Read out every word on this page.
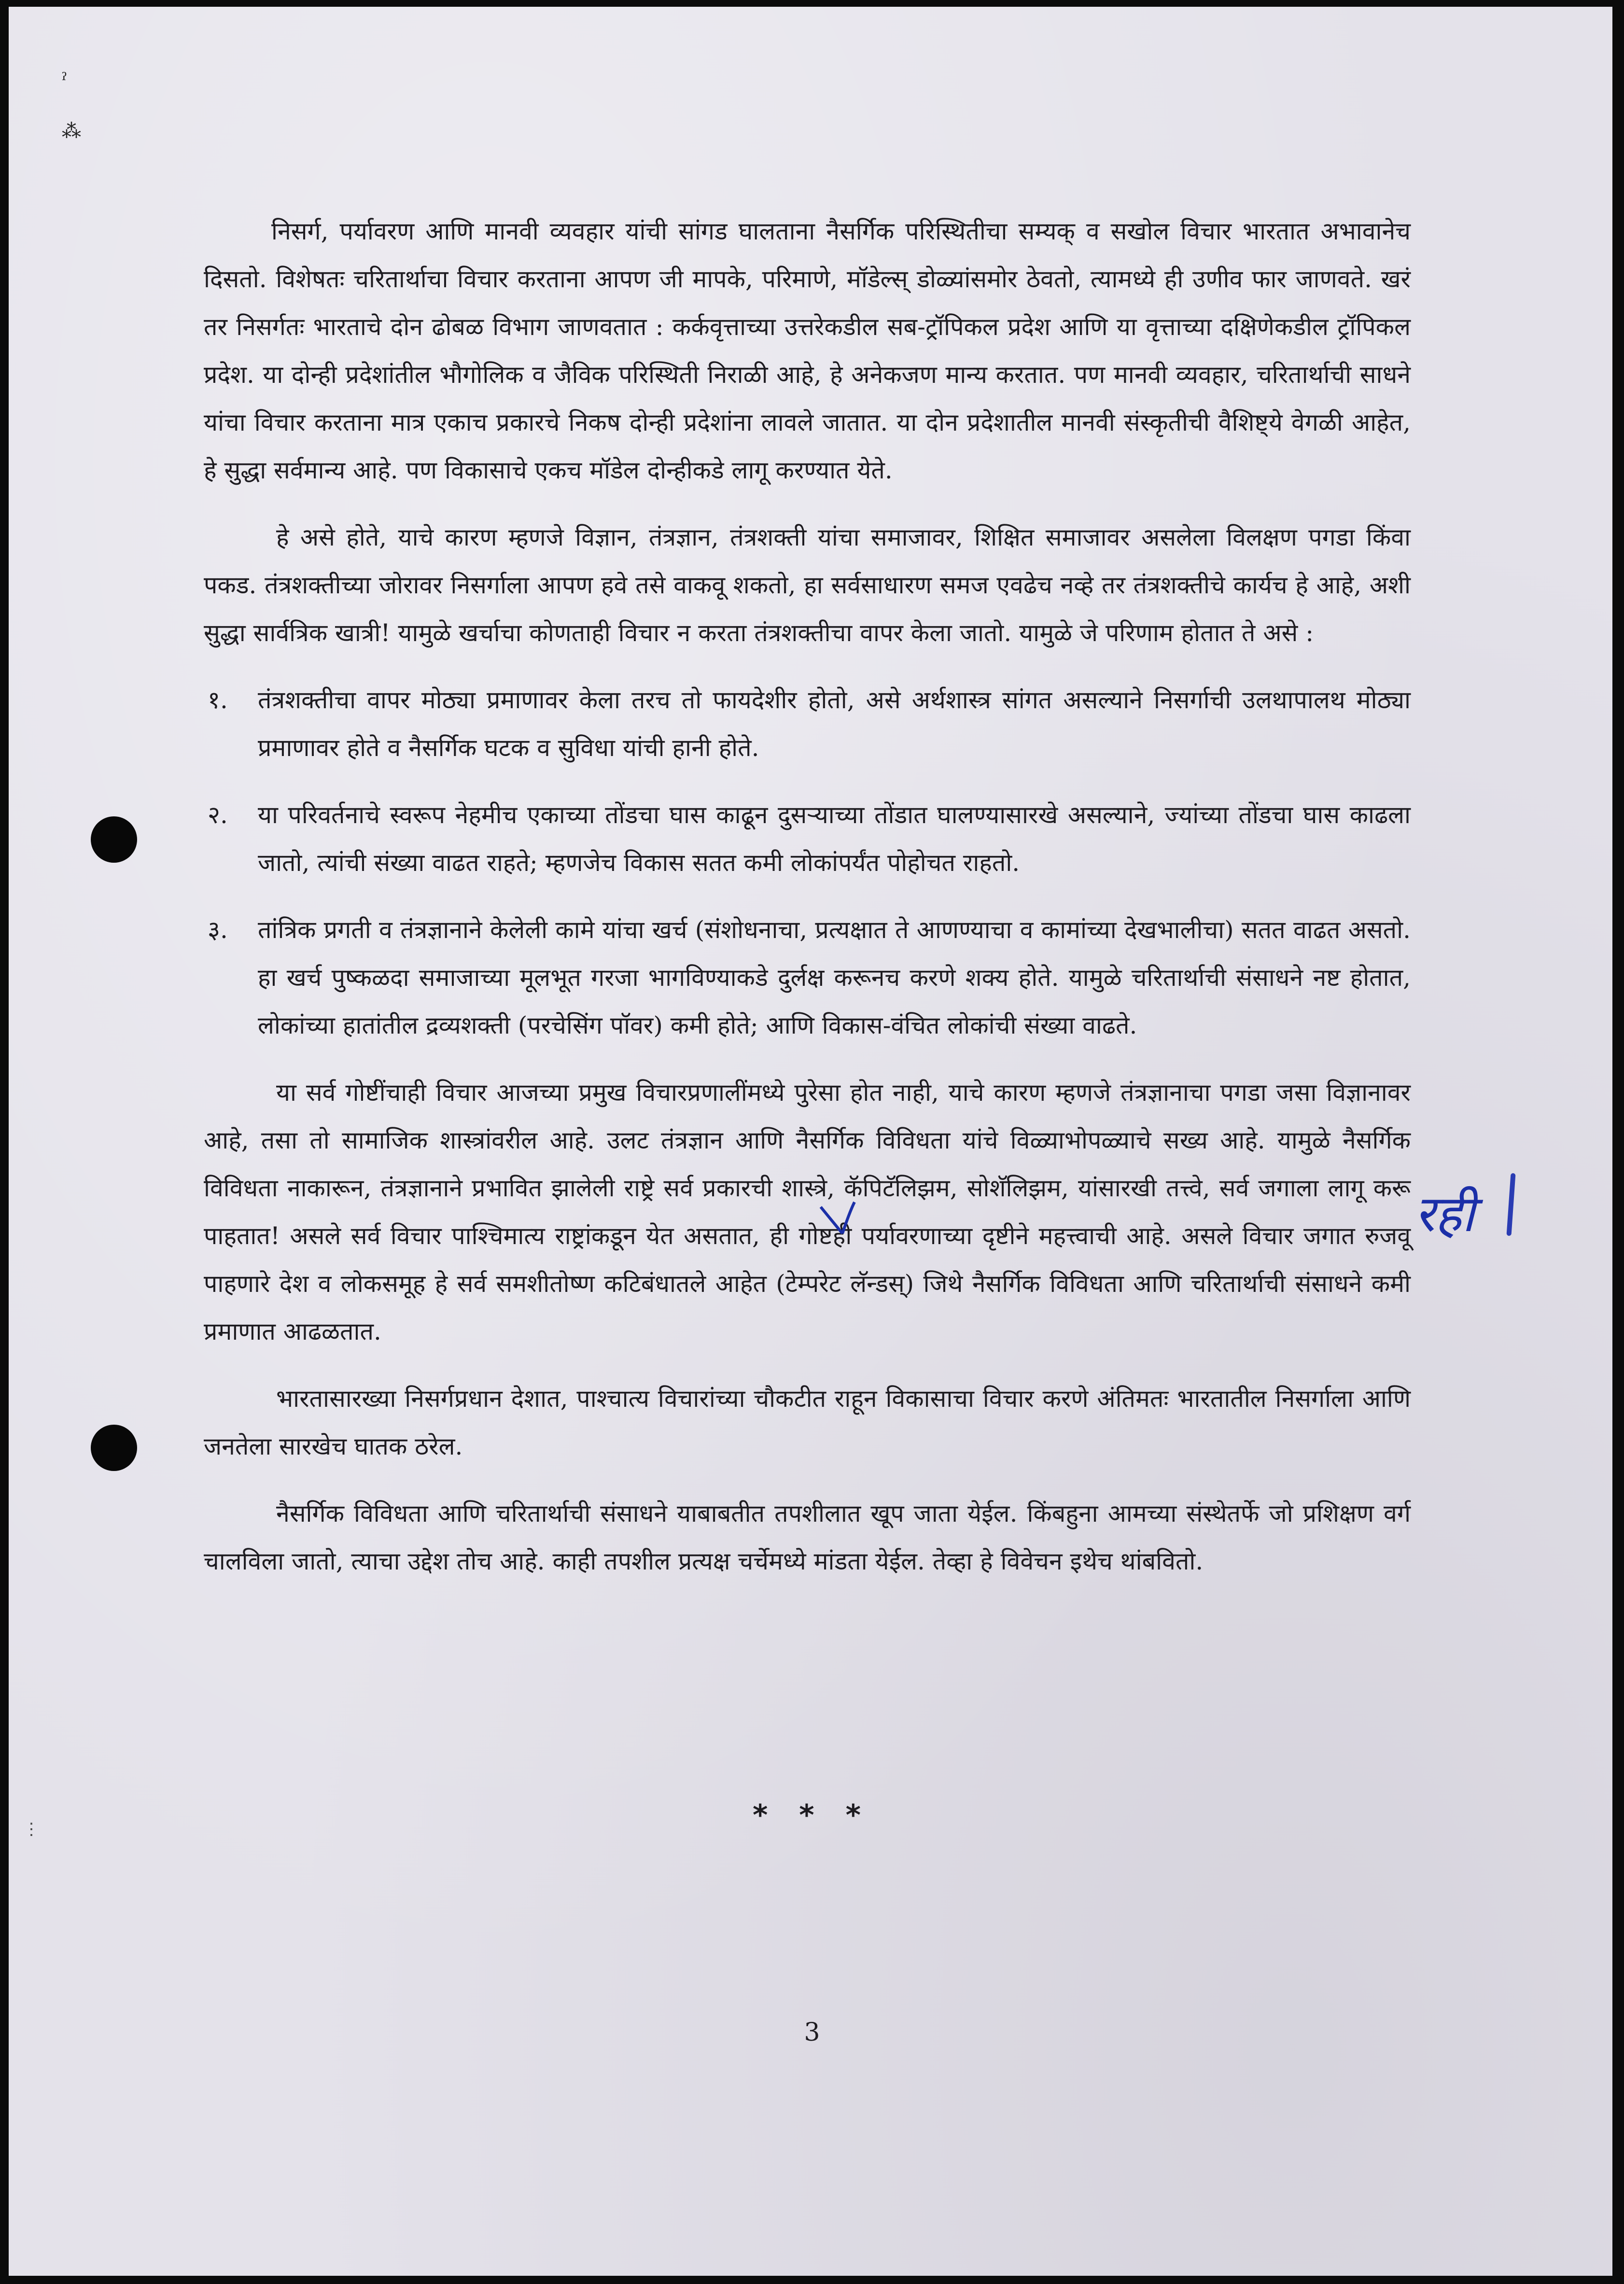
ˀ
⁂
⋮

निसर्ग, पर्यावरण आणि मानवी व्यवहार यांची सांगड घालताना नैसर्गिक परिस्थितीचा सम्यक् व सखोल विचार भारतात अभावानेच दिसतो. विशेषतः चरितार्थाचा विचार करताना आपण जी मापके, परिमाणे, मॉडेल्स् डोळ्यांसमोर ठेवतो, त्यामध्ये ही उणीव फार जाणवते. खरं तर निसर्गतः भारताचे दोन ढोबळ विभाग जाणवतात : कर्कवृत्ताच्या उत्तरेकडील सब-ट्रॉपिकल प्रदेश आणि या वृत्ताच्या दक्षिणेकडील ट्रॉपिकल प्रदेश. या दोन्ही प्रदेशांतील भौगोलिक व जैविक परिस्थिती निराळी आहे, हे अनेकजण मान्य करतात. पण मानवी व्यवहार, चरितार्थाची साधने यांचा विचार करताना मात्र एकाच प्रकारचे निकष दोन्ही प्रदेशांना लावले जातात. या दोन प्रदेशातील मानवी संस्कृतीची वैशिष्ट्ये वेगळी आहेत, हे सुद्धा सर्वमान्य आहे. पण विकासाचे एकच मॉडेल दोन्हीकडे लागू करण्यात येते.

हे असे होते, याचे कारण म्हणजे विज्ञान, तंत्रज्ञान, तंत्रशक्ती यांचा समाजावर, शिक्षित समाजावर असलेला विलक्षण पगडा किंवा पकड. तंत्रशक्तीच्या जोरावर निसर्गाला आपण हवे तसे वाकवू शकतो, हा सर्वसाधारण समज एवढेच नव्हे तर तंत्रशक्तीचे कार्यच हे आहे, अशी सुद्धा सार्वत्रिक खात्री! यामुळे खर्चाचा कोणताही विचार न करता तंत्रशक्तीचा वापर केला जातो. यामुळे जे परिणाम होतात ते असे :

१. तंत्रशक्तीचा वापर मोठ्या प्रमाणावर केला तरच तो फायदेशीर होतो, असे अर्थशास्त्र सांगत असल्याने निसर्गाची उलथापालथ मोठ्या प्रमाणावर होते व नैसर्गिक घटक व सुविधा यांची हानी होते.
२. या परिवर्तनाचे स्वरूप नेहमीच एकाच्या तोंडचा घास काढून दुसऱ्याच्या तोंडात घालण्यासारखे असल्याने, ज्यांच्या तोंडचा घास काढला जातो, त्यांची संख्या वाढत राहते; म्हणजेच विकास सतत कमी लोकांपर्यंत पोहोचत राहतो.
३. तांत्रिक प्रगती व तंत्रज्ञानाने केलेली कामे यांचा खर्च (संशोधनाचा, प्रत्यक्षात ते आणण्याचा व कामांच्या देखभालीचा) सतत वाढत असतो. हा खर्च पुष्कळदा समाजाच्या मूलभूत गरजा भागविण्याकडे दुर्लक्ष करूनच करणे शक्य होते. यामुळे चरितार्थाची संसाधने नष्ट होतात, लोकांच्या हातांतील द्रव्यशक्ती (परचेसिंग पॉवर) कमी होते; आणि विकास-वंचित लोकांची संख्या वाढते.

या सर्व गोष्टींचाही विचार आजच्या प्रमुख विचारप्रणालींमध्ये पुरेसा होत नाही, याचे कारण म्हणजे तंत्रज्ञानाचा पगडा जसा विज्ञानावर आहे, तसा तो सामाजिक शास्त्रांवरील आहे. उलट तंत्रज्ञान आणि नैसर्गिक विविधता यांचे विळ्याभोपळ्याचे सख्य आहे. यामुळे नैसर्गिक विविधता नाकारून, तंत्रज्ञानाने प्रभावित झालेली राष्ट्रे सर्व प्रकारची शास्त्रे, कॅपिटॅलिझम, सोशॅलिझम, यांसारखी तत्त्वे, सर्व जगाला लागू करू पाहतात! असले सर्व विचार पाश्चिमात्य राष्ट्रांकडून येत असतात, ही गोष्टही पर्यावरणाच्या दृष्टीने महत्त्वाची आहे. असले विचार जगात रुजवू पाहणारे देश व लोकसमूह हे सर्व समशीतोष्ण कटिबंधातले आहेत (टेम्परेट लॅन्डस्) जिथे नैसर्गिक विविधता आणि चरितार्थाची संसाधने कमी प्रमाणात आढळतात.

भारतासारख्या निसर्गप्रधान देशात, पाश्चात्य विचारांच्या चौकटीत राहून विकासाचा विचार करणे अंतिमतः भारतातील निसर्गाला आणि जनतेला सारखेच घातक ठरेल.

नैसर्गिक विविधता आणि चरितार्थाची संसाधने याबाबतीत तपशीलात खूप जाता येईल. किंबहुना आमच्या संस्थेतर्फे जो प्रशिक्षण वर्ग चालविला जातो, त्याचा उद्देश तोच आहे. काही तपशील प्रत्यक्ष चर्चेमध्ये मांडता येईल. तेव्हा हे विवेचन इथेच थांबवितो.

रही
* * *
3
